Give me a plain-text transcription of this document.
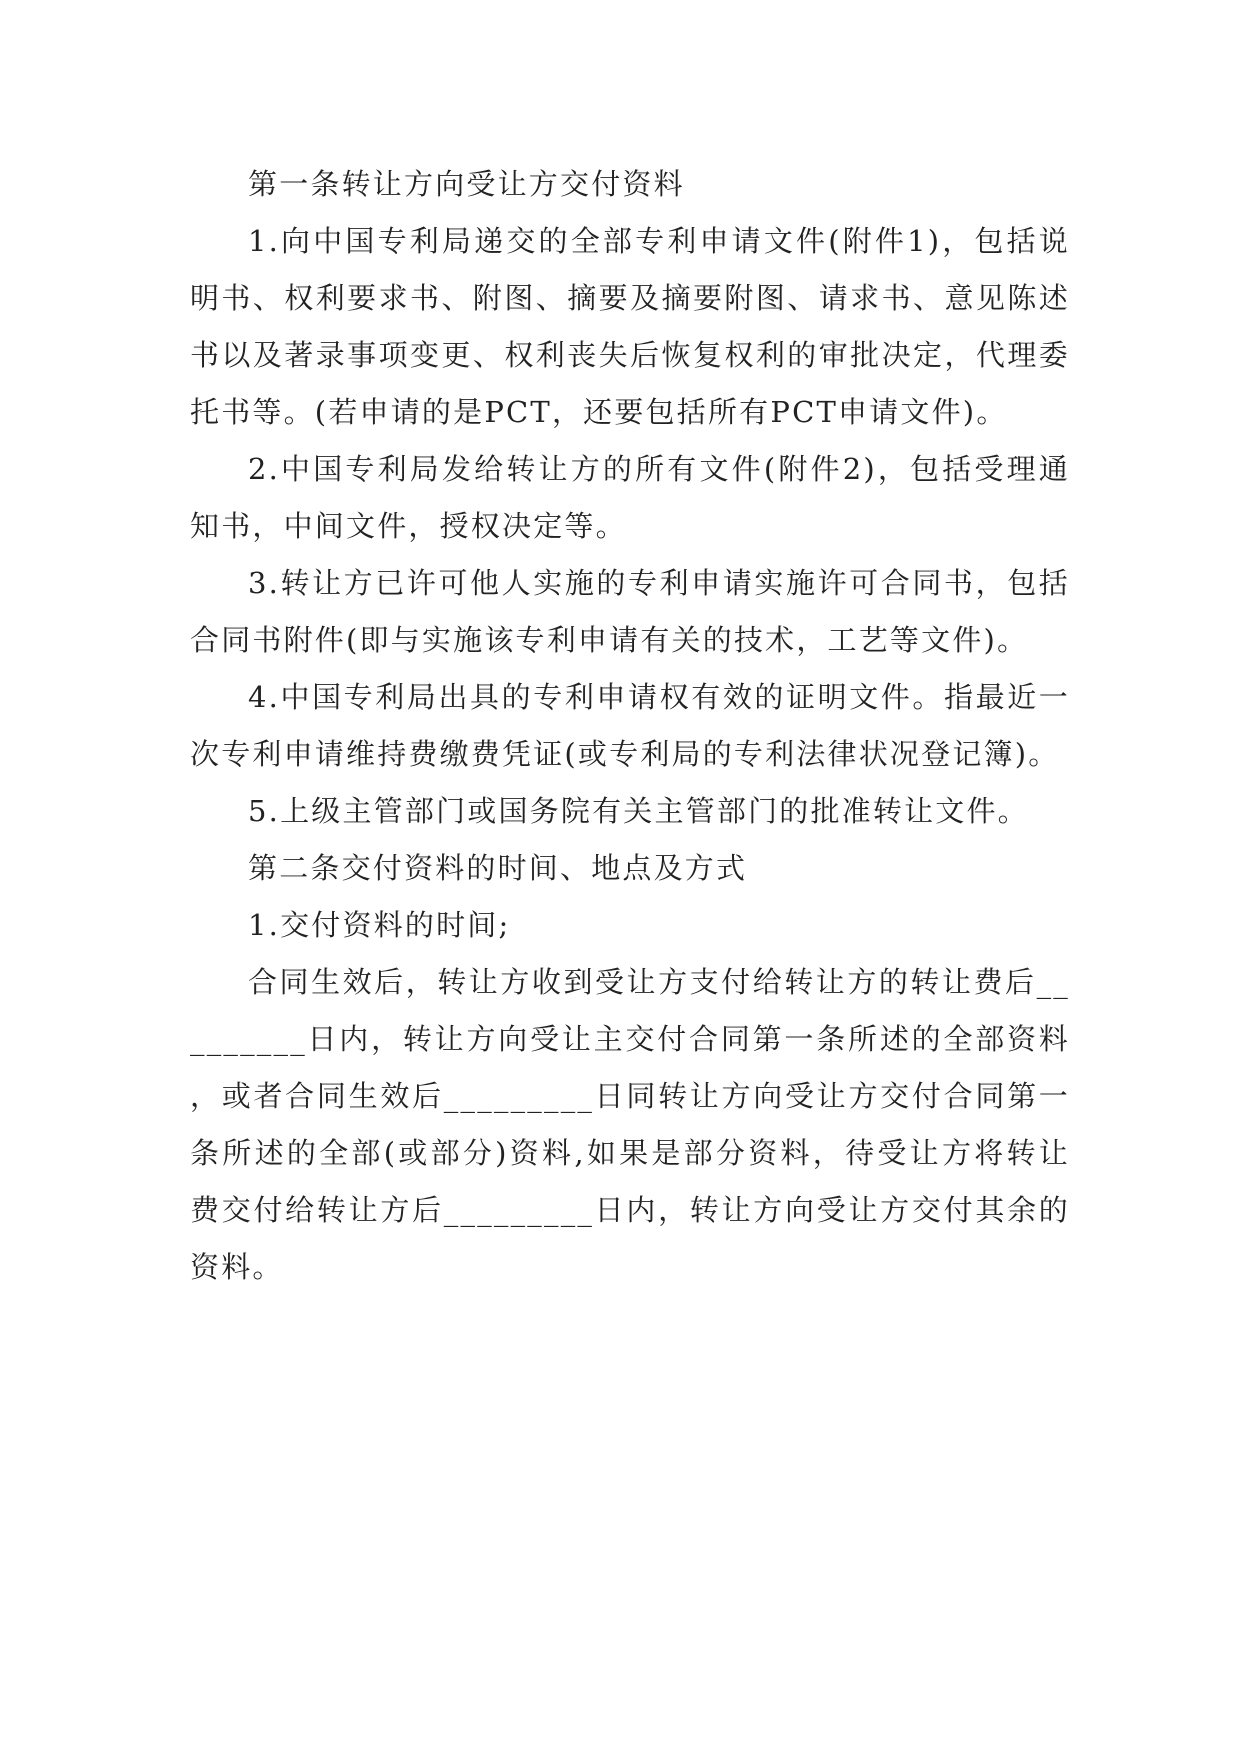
第一条转让方向受让方交付资料

1.向中国专利局递交的全部专利申请文件(附件1)，包括说明书、权利要求书、附图、摘要及摘要附图、请求书、意见陈述书以及著录事项变更、权利丧失后恢复权利的审批决定，代理委托书等。(若申请的是PCT，还要包括所有PCT申请文件)。

2.中国专利局发给转让方的所有文件(附件2)，包括受理通知书，中间文件，授权决定等。

3.转让方已许可他人实施的专利申请实施许可合同书，包括合同书附件(即与实施该专利申请有关的技术，工艺等文件)。

4.中国专利局出具的专利申请权有效的证明文件。指最近一次专利申请维持费缴费凭证(或专利局的专利法律状况登记簿)。

5.上级主管部门或国务院有关主管部门的批准转让文件。

第二条交付资料的时间、地点及方式

1.交付资料的时间;

合同生效后，转让方收到受让方支付给转让方的转让费后_________日内，转让方向受让主交付合同第一条所述的全部资料，或者合同生效后_________日同转让方向受让方交付合同第一条所述的全部(或部分)资料,如果是部分资料，待受让方将转让费交付给转让方后_________日内，转让方向受让方交付其余的资料。
